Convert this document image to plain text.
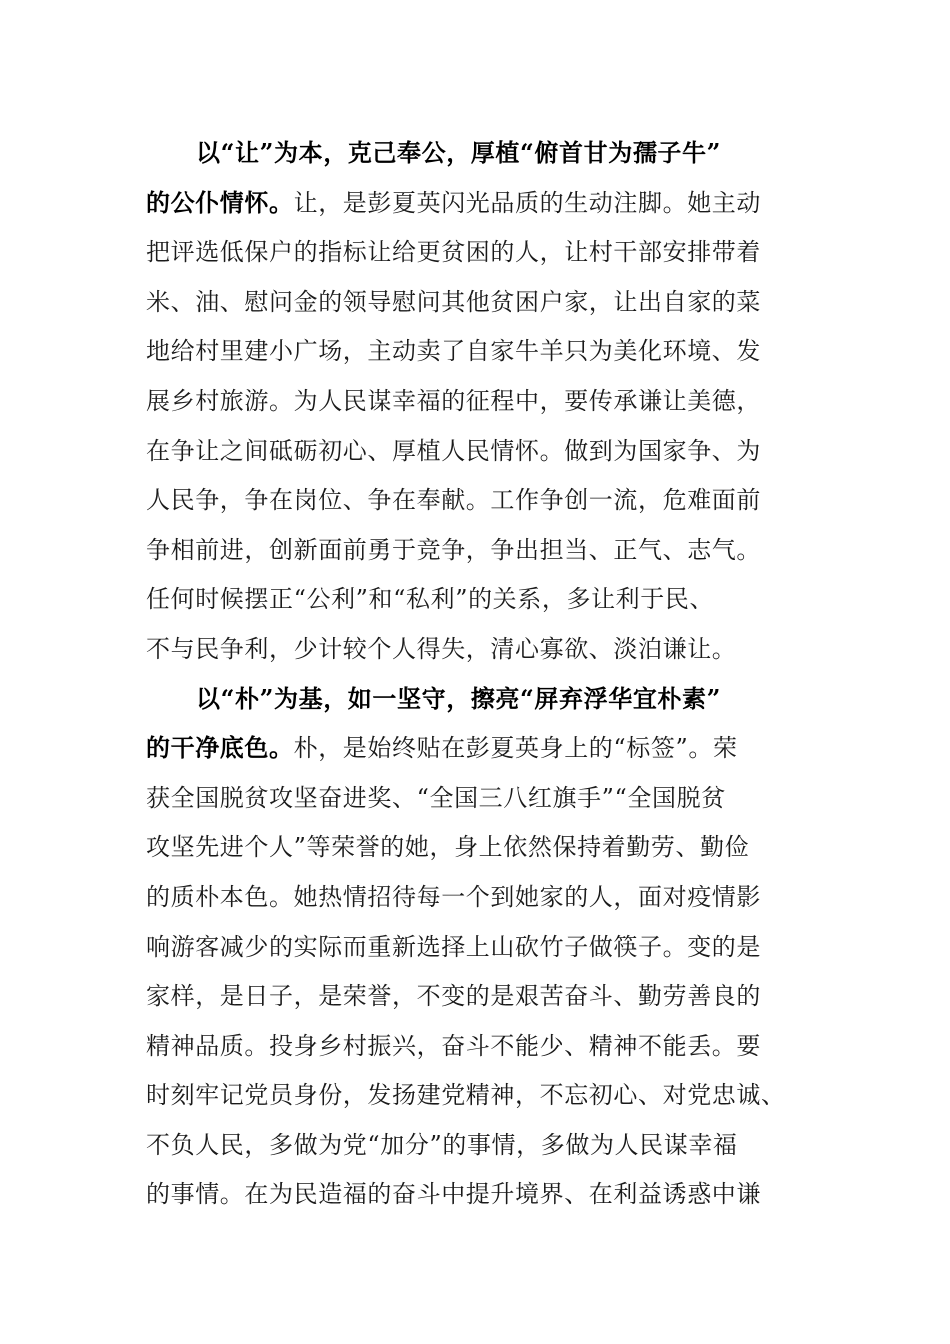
以“让”为本，克己奉公，厚植“俯首甘为孺子牛”
的公仆情怀。让，是彭夏英闪光品质的生动注脚。她主动
把评选低保户的指标让给更贫困的人，让村干部安排带着
米、油、慰问金的领导慰问其他贫困户家，让出自家的菜
地给村里建小广场，主动卖了自家牛羊只为美化环境、发
展乡村旅游。为人民谋幸福的征程中，要传承谦让美德，
在争让之间砥砺初心、厚植人民情怀。做到为国家争、为
人民争，争在岗位、争在奉献。工作争创一流，危难面前
争相前进，创新面前勇于竞争，争出担当、正气、志气。
任何时候摆正“公利”和“私利”的关系，多让利于民、
不与民争利，少计较个人得失，清心寡欲、淡泊谦让。
以“朴”为基，如一坚守，擦亮“屏弃浮华宜朴素”
的干净底色。朴，是始终贴在彭夏英身上的“标签”。荣
获全国脱贫攻坚奋进奖、“全国三八红旗手”“全国脱贫
攻坚先进个人”等荣誉的她，身上依然保持着勤劳、勤俭
的质朴本色。她热情招待每一个到她家的人，面对疫情影
响游客减少的实际而重新选择上山砍竹子做筷子。变的是
家样，是日子，是荣誉，不变的是艰苦奋斗、勤劳善良的
精神品质。投身乡村振兴，奋斗不能少、精神不能丢。要
时刻牢记党员身份，发扬建党精神，不忘初心、对党忠诚、
不负人民，多做为党“加分”的事情，多做为人民谋幸福
的事情。在为民造福的奋斗中提升境界、在利益诱惑中谦
